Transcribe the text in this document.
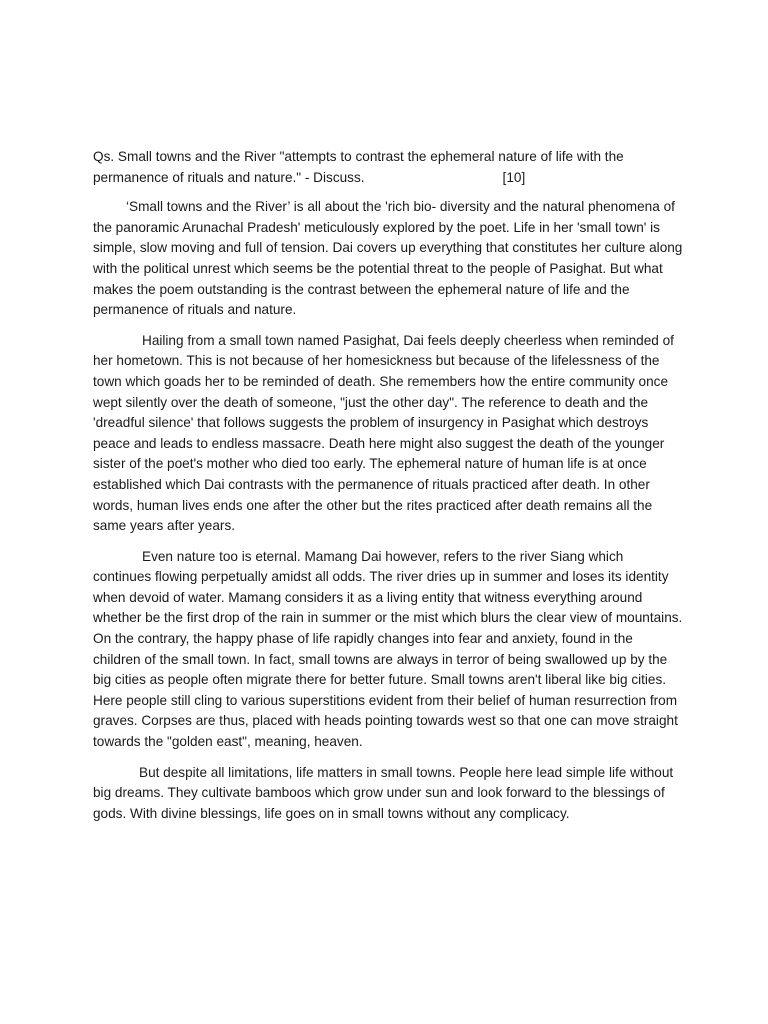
Qs. Small towns and the River "attempts to contrast the ephemeral nature of life with the permanence of rituals and nature." - Discuss.	[10]

‘Small towns and the River’ is all about the 'rich bio- diversity and the natural phenomena of the panoramic Arunachal Pradesh' meticulously explored by the poet. Life in her 'small town' is simple, slow moving and full of tension. Dai covers up everything that constitutes her culture along with the political unrest which seems be the potential threat to the people of Pasighat. But what makes the poem outstanding is the contrast between the ephemeral nature of life and the permanence of rituals and nature.

Hailing from a small town named Pasighat, Dai feels deeply cheerless when reminded of her hometown. This is not because of her homesickness but because of the lifelessness of the town which goads her to be reminded of death. She remembers how the entire community once wept silently over the death of someone, "just the other day". The reference to death and the 'dreadful silence' that follows suggests the problem of insurgency in Pasighat which destroys peace and leads to endless massacre. Death here might also suggest the death of the younger sister of the poet's mother who died too early. The ephemeral nature of human life is at once established which Dai contrasts with the permanence of rituals practiced after death. In other words, human lives ends one after the other but the rites practiced after death remains all the same years after years.

Even nature too is eternal. Mamang Dai however, refers to the river Siang which continues flowing perpetually amidst all odds. The river dries up in summer and loses its identity when devoid of water. Mamang considers it as a living entity that witness everything around whether be the first drop of the rain in summer or the mist which blurs the clear view of mountains. On the contrary, the happy phase of life rapidly changes into fear and anxiety, found in the children of the small town. In fact, small towns are always in terror of being swallowed up by the big cities as people often migrate there for better future. Small towns aren't liberal like big cities. Here people still cling to various superstitions evident from their belief of human resurrection from graves. Corpses are thus, placed with heads pointing towards west so that one can move straight towards the "golden east", meaning, heaven.

But despite all limitations, life matters in small towns. People here lead simple life without big dreams. They cultivate bamboos which grow under sun and look forward to the blessings of gods. With divine blessings, life goes on in small towns without any complicacy.
